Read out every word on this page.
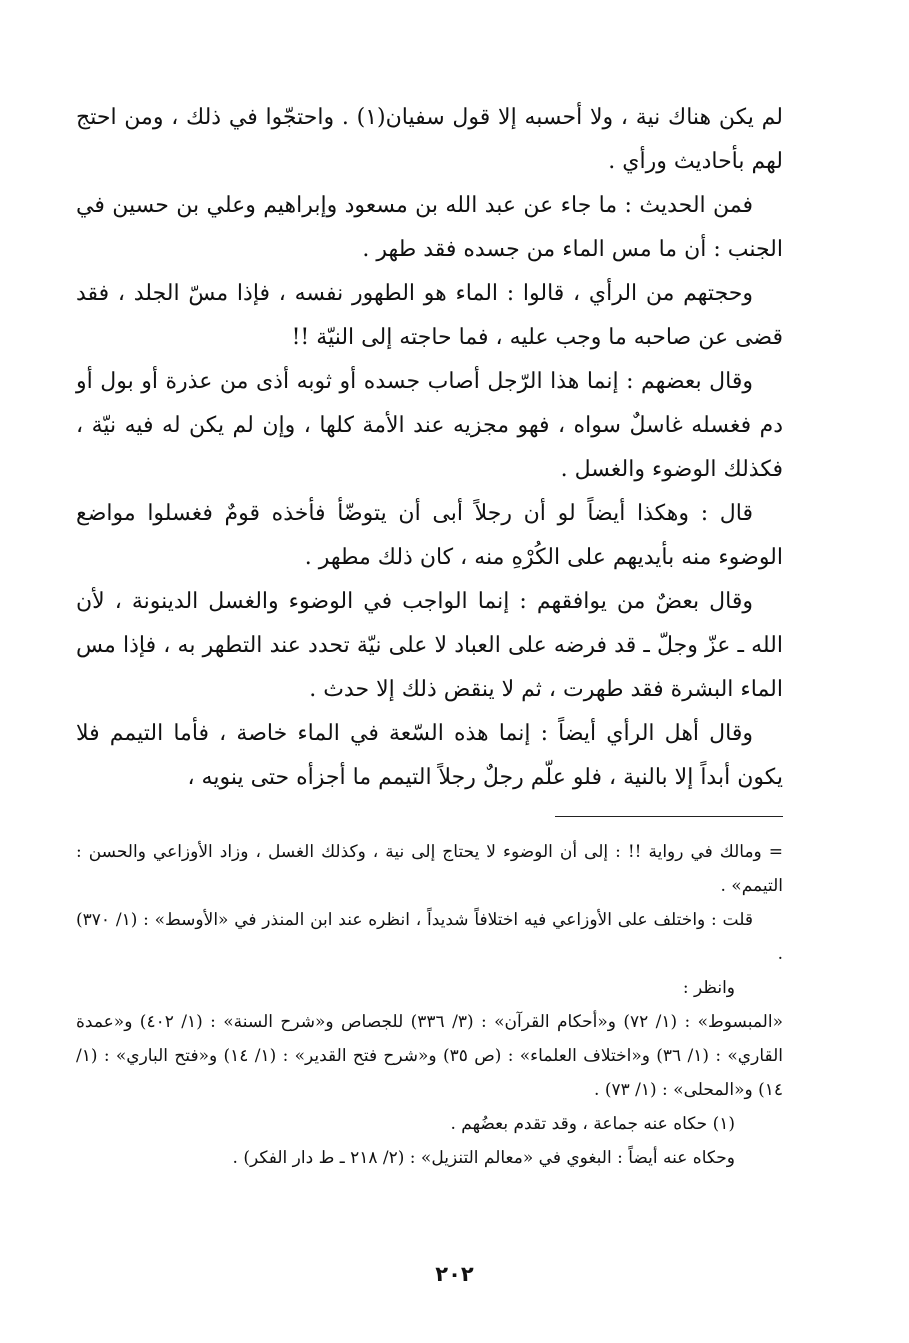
لم يكن هناك نية ، ولا أحسبه إلا قول سفيان(١) . واحتجّوا في ذلك ، ومن احتج لهم بأحاديث ورأي .

فمن الحديث : ما جاء عن عبد الله بن مسعود وإبراهيم وعلي بن حسين في الجنب : أن ما مس الماء من جسده فقد طهر .

وحجتهم من الرأي ، قالوا : الماء هو الطهور نفسه ، فإذا مسّ الجلد ، فقد قضى عن صاحبه ما وجب عليه ، فما حاجته إلى النيّة !!

وقال بعضهم : إنما هذا الرّجل أصاب جسده أو ثوبه أذى من عذرة أو بول أو دم فغسله غاسلٌ سواه ، فهو مجزيه عند الأمة كلها ، وإن لم يكن له فيه نيّة ، فكذلك الوضوء والغسل .

قال : وهكذا أيضاً لو أن رجلاً أبى أن يتوضّأ فأخذه قومٌ فغسلوا مواضع الوضوء منه بأيديهم على الكُرْهِ منه ، كان ذلك مطهر .

وقال بعضٌ من يوافقهم : إنما الواجب في الوضوء والغسل الدينونة ، لأن الله ـ عزّ وجلّ ـ قد فرضه على العباد لا على نيّة تحدد عند التطهر به ، فإذا مس الماء البشرة فقد طهرت ، ثم لا ينقض ذلك إلا حدث .

وقال أهل الرأي أيضاً : إنما هذه السّعة في الماء خاصة ، فأما التيمم فلا يكون أبداً إلا بالنية ، فلو علّم رجلٌ رجلاً التيمم ما أجزأه حتى ينويه ،

= ومالك في رواية !! : إلى أن الوضوء لا يحتاج إلى نية ، وكذلك الغسل ، وزاد الأوزاعي والحسن : التيمم» .

قلت : واختلف على الأوزاعي فيه اختلافاً شديداً ، انظره عند ابن المنذر في «الأوسط» : (١/ ٣٧٠) .

وانظر :

«المبسوط» : (١/ ٧٢) و«أحكام القرآن» : (٣/ ٣٣٦) للجصاص و«شرح السنة» : (١/ ٤٠٢) و«عمدة القاري» : (١/ ٣٦) و«اختلاف العلماء» : (ص ٣٥) و«شرح فتح القدير» : (١/ ١٤) و«فتح الباري» : (١/ ١٤) و«المحلى» : (١/ ٧٣) .

(١) حكاه عنه جماعة ، وقد تقدم بعضُهم .

وحكاه عنه أيضاً : البغوي في «معالم التنزيل» : (٢/ ٢١٨ ـ ط دار الفكر) .

٢٠٢
